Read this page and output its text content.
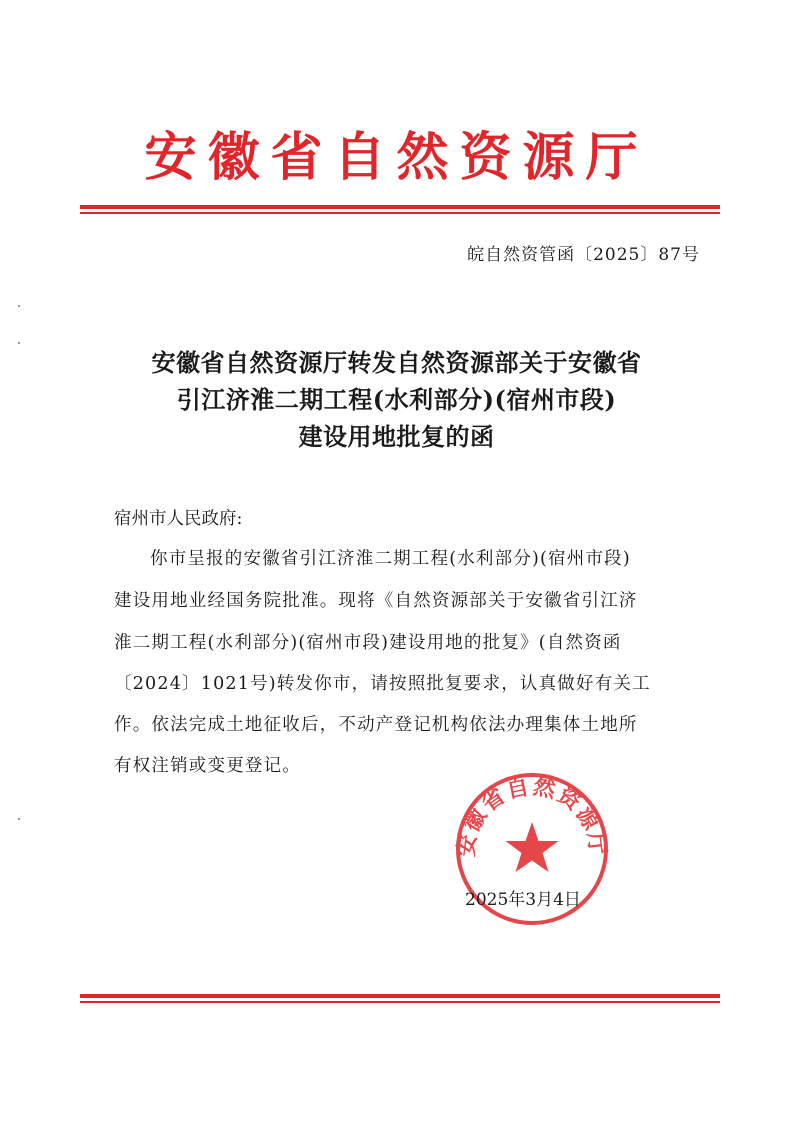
安徽省自然资源厅
皖自然资管函〔2025〕87号
安徽省自然资源厅转发自然资源部关于安徽省
引江济淮二期工程(水利部分)(宿州市段)
建设用地批复的函
宿州市人民政府:
你市呈报的安徽省引江济淮二期工程(水利部分)(宿州市段)
建设用地业经国务院批准。现将《自然资源部关于安徽省引江济
淮二期工程(水利部分)(宿州市段)建设用地的批复》(自然资函
〔2024〕1021号)转发你市，请按照批复要求，认真做好有关工
作。依法完成土地征收后，不动产登记机构依法办理集体土地所
有权注销或变更登记。
安徽省自然资源厅
2025年3月4日
